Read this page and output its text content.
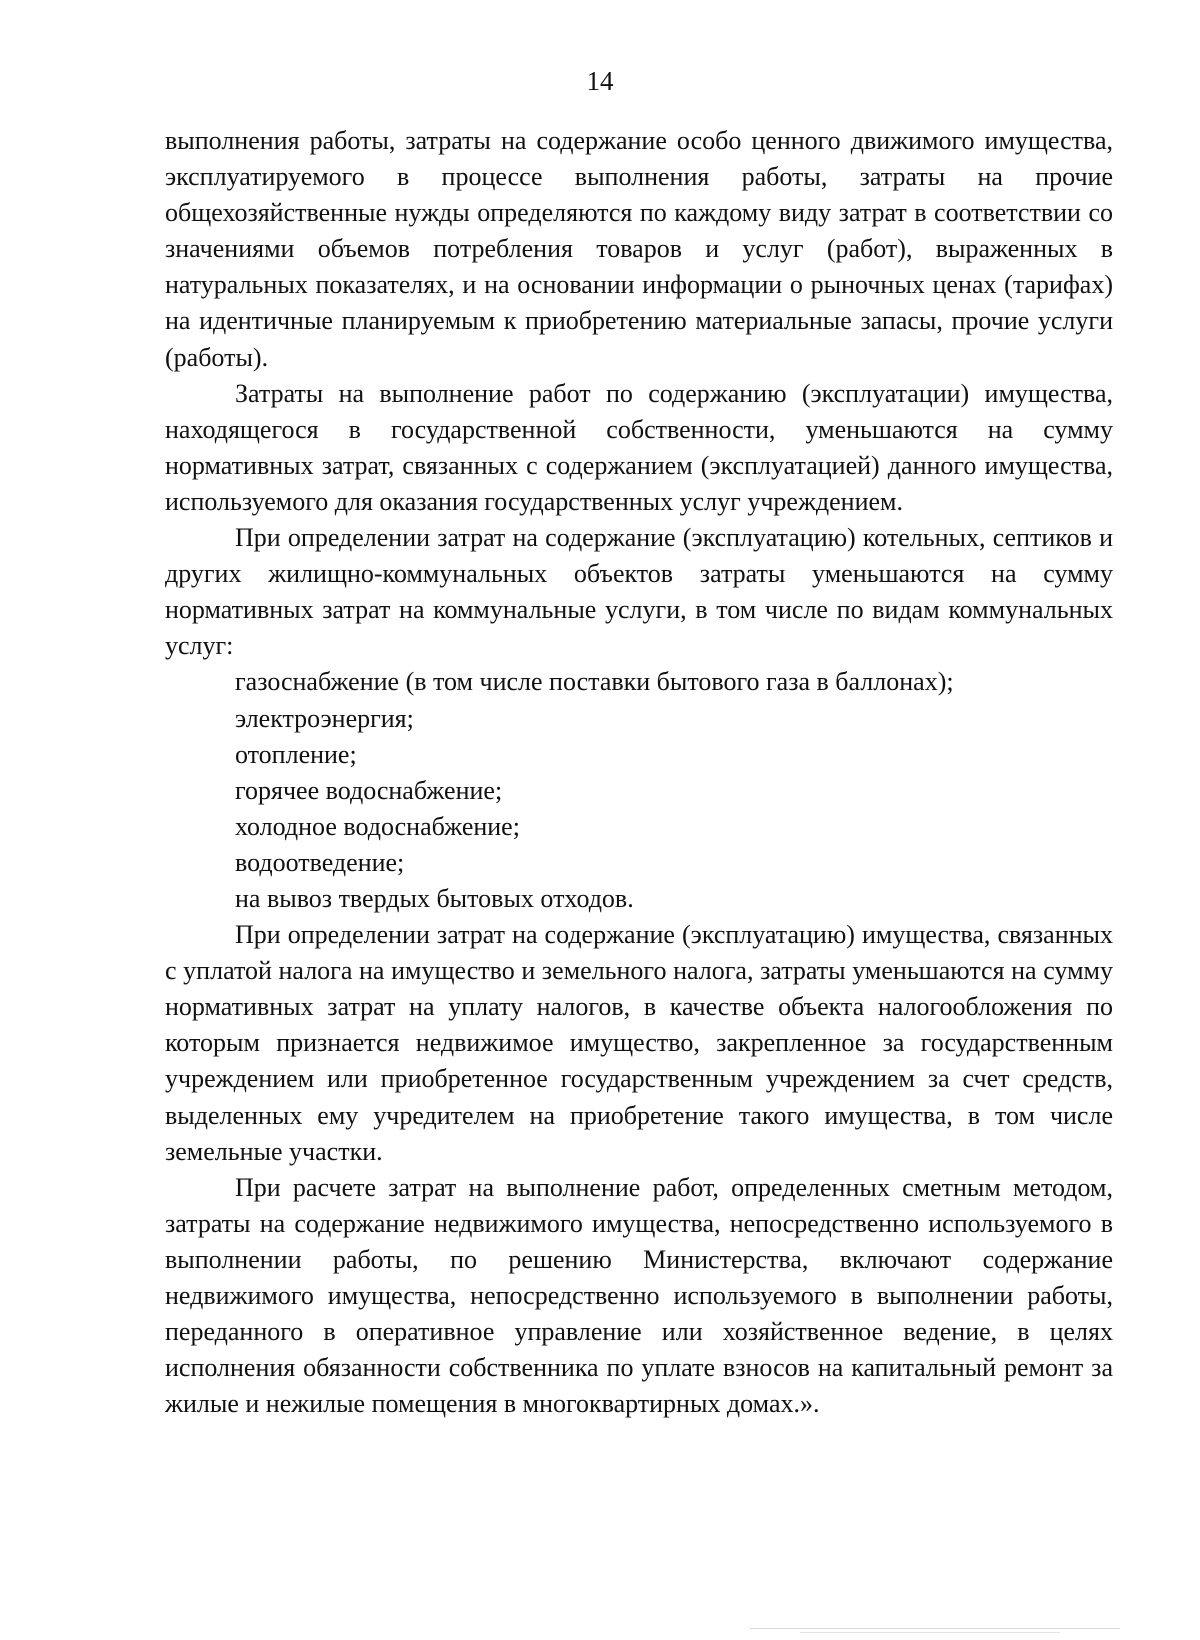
14

выполнения работы, затраты на содержание особо ценного движимого имущества, эксплуатируемого в процессе выполнения работы, затраты на прочие общехозяйственные нужды определяются по каждому виду затрат в соответствии со значениями объемов потребления товаров и услуг (работ), выраженных в натуральных показателях, и на основании информации о рыночных ценах (тарифах) на идентичные планируемым к приобретению материальные запасы, прочие услуги (работы).

Затраты на выполнение работ по содержанию (эксплуатации) имущества, находящегося в государственной собственности, уменьшаются на сумму нормативных затрат, связанных с содержанием (эксплуатацией) данного имущества, используемого для оказания государственных услуг учреждением.

При определении затрат на содержание (эксплуатацию) котельных, септиков и других жилищно-коммунальных объектов затраты уменьшаются на сумму нормативных затрат на коммунальные услуги, в том числе по видам коммунальных услуг:

газоснабжение (в том числе поставки бытового газа в баллонах);

электроэнергия;

отопление;

горячее водоснабжение;

холодное водоснабжение;

водоотведение;

на вывоз твердых бытовых отходов.

При определении затрат на содержание (эксплуатацию) имущества, связанных с уплатой налога на имущество и земельного налога, затраты уменьшаются на сумму нормативных затрат на уплату налогов, в качестве объекта налогообложения по которым признается недвижимое имущество, закрепленное за государственным учреждением или приобретенное государственным учреждением за счет средств, выделенных ему учредителем на приобретение такого имущества, в том числе земельные участки.

При расчете затрат на выполнение работ, определенных сметным методом, затраты на содержание недвижимого имущества, непосредственно используемого в выполнении работы, по решению Министерства, включают содержание недвижимого имущества, непосредственно используемого в выполнении работы, переданного в оперативное управление или хозяйственное ведение, в целях исполнения обязанности собственника по уплате взносов на капитальный ремонт за жилые и нежилые помещения в многоквартирных домах.».
